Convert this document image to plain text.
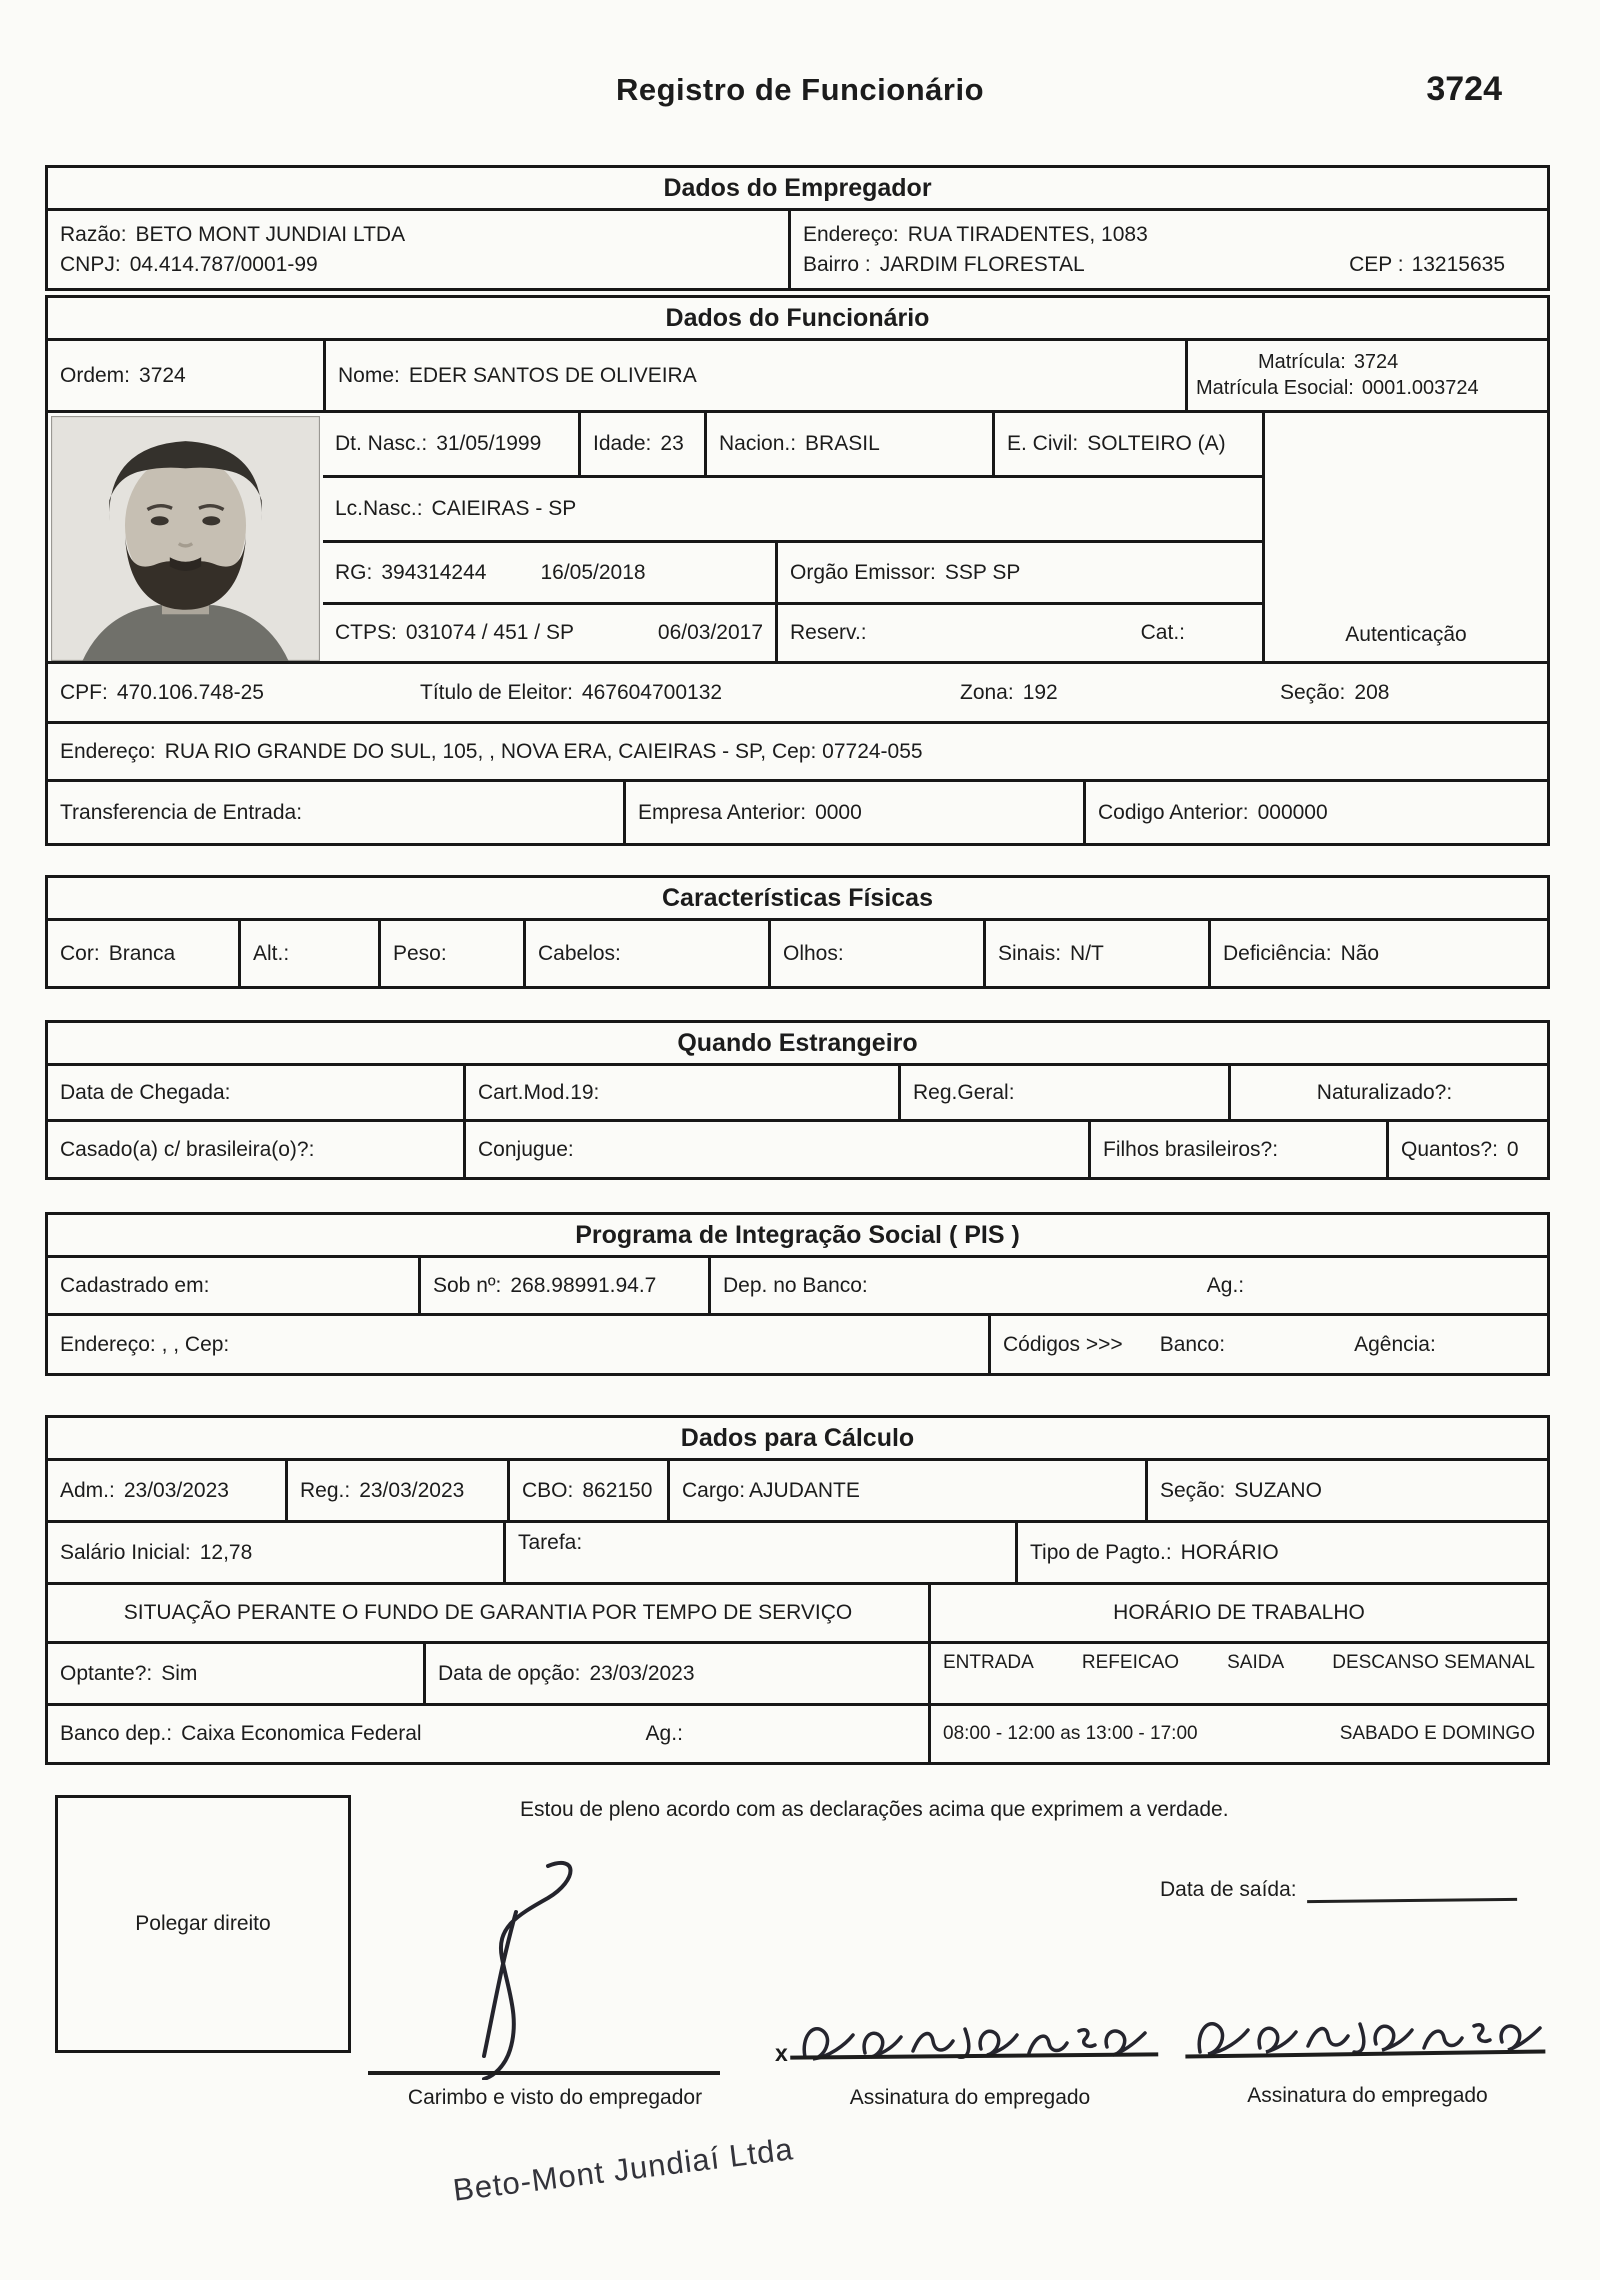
Registro de Funcionário	3724
Dados do Empregador
Razão: BETO MONT JUNDIAI LTDA
CNPJ: 04.414.787/0001-99
Endereço: RUA TIRADENTES, 1083
Bairro : JARDIM FLORESTAL	CEP : 13215635
Dados do Funcionário
Ordem: 3724	Nome: EDER SANTOS DE OLIVEIRA
Matrícula: 3724
Matrícula Esocial: 0001.003724
Dt. Nasc.: 31/05/1999 Idade: 23 Nacion.: BRASIL	E. Civil: SOLTEIRO (A)
Lc.Nasc.: CAIEIRAS - SP
RG: 394314244	16/05/2018	Orgão Emissor: SSP SP
CTPS: 031074 / 451 / SP	06/03/2017 Reserv.:	Cat.:	Autenticação
CPF: 470.106.748-25	Título de Eleitor: 467604700132	Zona: 192	Seção: 208
Endereço: RUA RIO GRANDE DO SUL, 105, , NOVA ERA, CAIEIRAS - SP, Cep: 07724-055
Transferencia de Entrada:	Empresa Anterior: 0000	Codigo Anterior: 000000
Características Físicas
Cor: Branca	Alt.:	Peso:	Cabelos:	Olhos:	Sinais: N/T	Deficiência: Não
Quando Estrangeiro
Data de Chegada:	Cart.Mod.19:	Reg.Geral:	Naturalizado?:
Casado(a) c/ brasileira(o)?:	Conjugue:	Filhos brasileiros?:	Quantos?: 0
Programa de Integração Social ( PIS )
Cadastrado em:	Sob nº: 268.98991.94.7	Dep. no Banco:	Ag.:
Endereço: , , Cep:	Códigos >>> Banco:	Agência:
Dados para Cálculo
Adm.: 23/03/2023	Reg.: 23/03/2023	CBO: 862150 Cargo: AJUDANTE	Seção: SUZANO
Salário Inicial: 12,78	Tarefa:	Tipo de Pagto.: HORÁRIO
SITUAÇÃO PERANTE O FUNDO DE GARANTIA POR TEMPO DE SERVIÇO
Optante?: Sim	Data de opção: 23/03/2023
Banco dep.: Caixa Economica Federal	Ag.:
HORÁRIO DE TRABALHO
ENTRADA	REFEICAO	SAIDA	DESCANSO SEMANAL
08:00 - 12:00 as 13:00 - 17:00	SABADO E DOMINGO
Polegar direito
Estou de pleno acordo com as declarações acima que exprimem a verdade.
Data de saída:
Carimbo e visto do empregador
x
Assinatura do empregado	Assinatura do empregado
Beto-Mont Jundiaí Ltda
